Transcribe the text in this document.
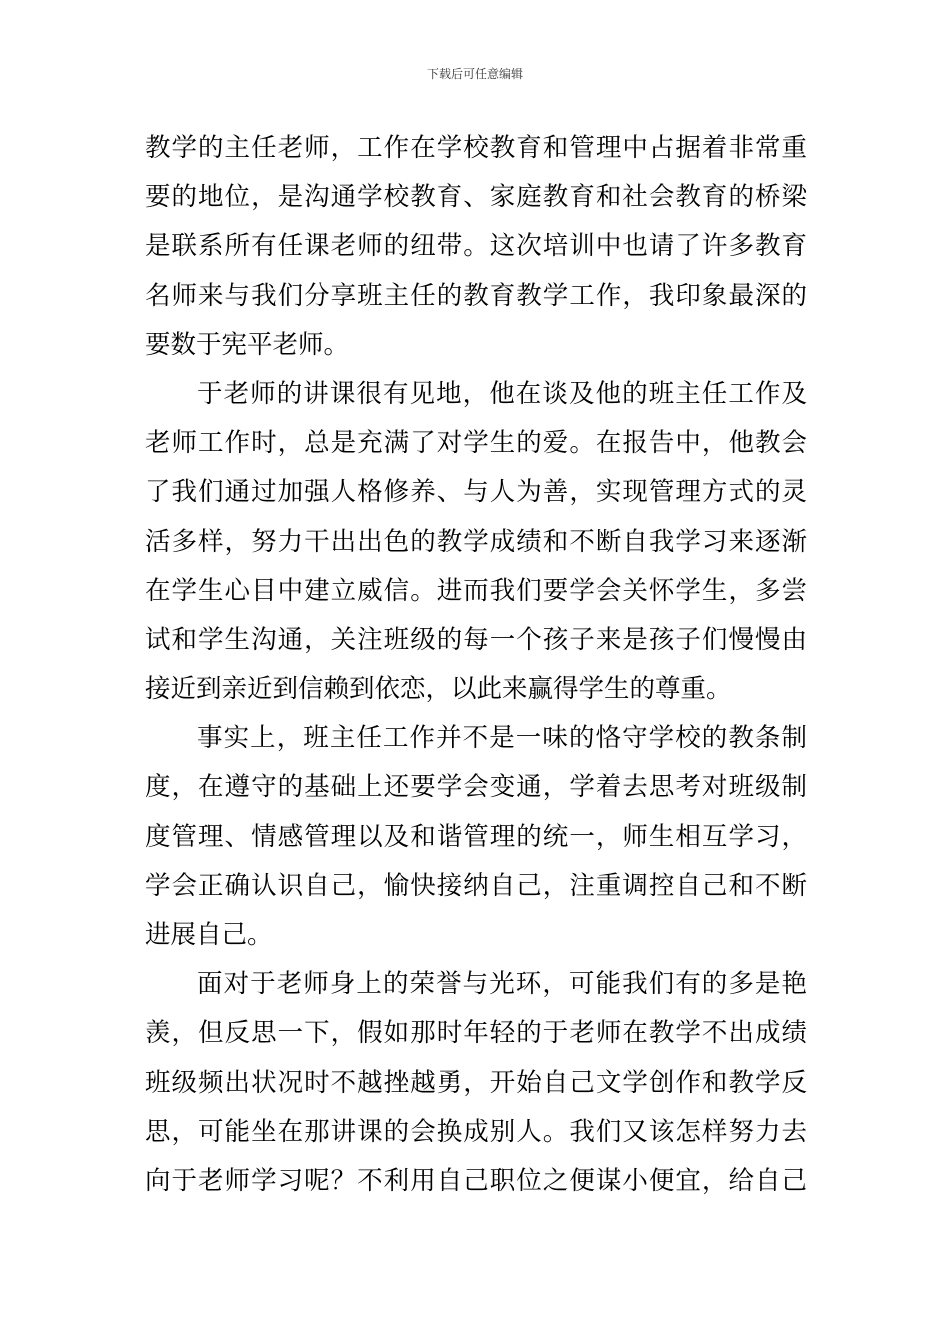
下载后可任意编辑
教学的主任老师，工作在学校教育和管理中占据着非常重
要的地位，是沟通学校教育、家庭教育和社会教育的桥梁
是联系所有任课老师的纽带。这次培训中也请了许多教育
名师来与我们分享班主任的教育教学工作，我印象最深的
要数于宪平老师。
于老师的讲课很有见地，他在谈及他的班主任工作及
老师工作时，总是充满了对学生的爱。在报告中，他教会
了我们通过加强人格修养、与人为善，实现管理方式的灵
活多样，努力干出出色的教学成绩和不断自我学习来逐渐
在学生心目中建立威信。进而我们要学会关怀学生，多尝
试和学生沟通，关注班级的每一个孩子来是孩子们慢慢由
接近到亲近到信赖到依恋，以此来赢得学生的尊重。
事实上，班主任工作并不是一味的恪守学校的教条制
度，在遵守的基础上还要学会变通，学着去思考对班级制
度管理、情感管理以及和谐管理的统一，师生相互学习，
学会正确认识自己，愉快接纳自己，注重调控自己和不断
进展自己。
面对于老师身上的荣誉与光环，可能我们有的多是艳
羡，但反思一下，假如那时年轻的于老师在教学不出成绩
班级频出状况时不越挫越勇，开始自己文学创作和教学反
思，可能坐在那讲课的会换成别人。我们又该怎样努力去
向于老师学习呢？不利用自己职位之便谋小便宜，给自己
